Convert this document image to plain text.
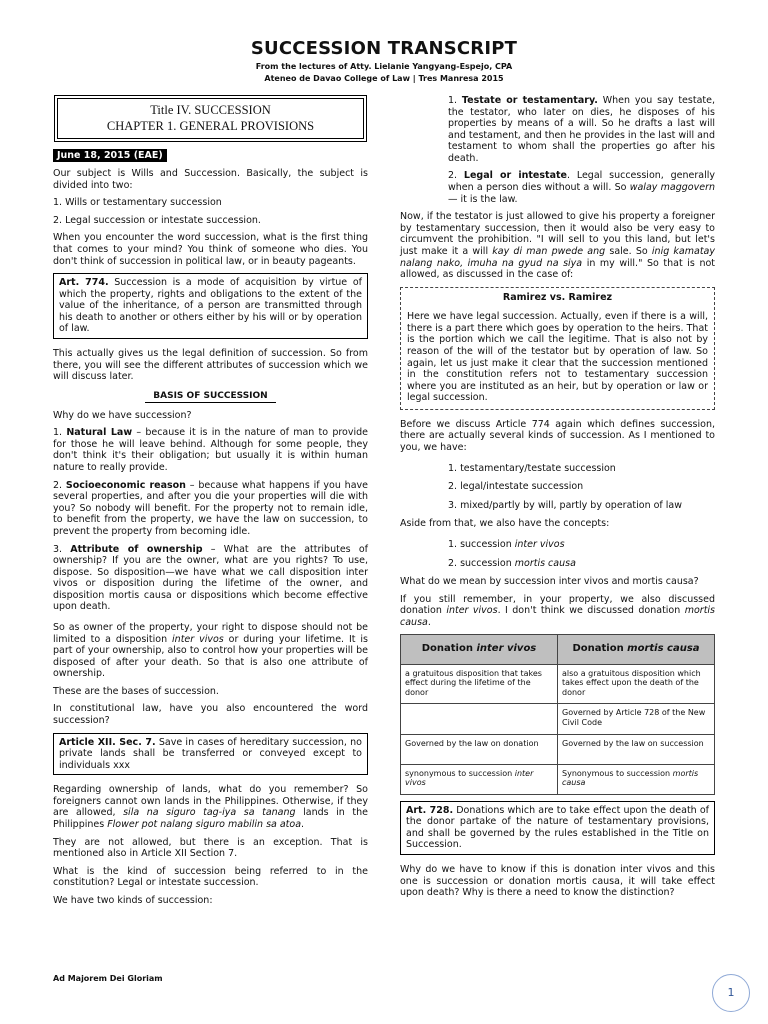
SUCCESSION TRANSCRIPT
From the lectures of Atty. Lielanie Yangyang-Espejo, CPA
Ateneo de Davao College of Law | Tres Manresa 2015
Title IV. SUCCESSION
CHAPTER 1. GENERAL PROVISIONS
June 18, 2015 (EAE)

Our subject is Wills and Succession. Basically, the subject is divided into two:

1. Wills or testamentary succession

2. Legal succession or intestate succession.

When you encounter the word succession, what is the first thing that comes to your mind? You think of someone who dies. You don't think of succession in political law, or in beauty pageants.

Art. 774. Succession is a mode of acquisition by virtue of which the property, rights and obligations to the extent of the value of the inheritance, of a person are transmitted through his death to another or others either by his will or by operation of law.

This actually gives us the legal definition of succession. So from there, you will see the different attributes of succession which we will discuss later.

BASIS OF SUCCESSION

Why do we have succession?

1. Natural Law – because it is in the nature of man to provide for those he will leave behind. Although for some people, they don't think it's their obligation; but usually it is within human nature to really provide.

2. Socioeconomic reason – because what happens if you have several properties, and after you die your properties will die with you? So nobody will benefit. For the property not to remain idle, to benefit from the property, we have the law on succession, to prevent the property from becoming idle.

3. Attribute of ownership – What are the attributes of ownership? If you are the owner, what are you rights? To use, dispose. So disposition—we have what we call disposition inter vivos or disposition during the lifetime of the owner, and disposition mortis causa or dispositions which become effective upon death.

So as owner of the property, your right to dispose should not be limited to a disposition inter vivos or during your lifetime. It is part of your ownership, also to control how your properties will be disposed of after your death. So that is also one attribute of ownership.

These are the bases of succession.

In constitutional law, have you also encountered the word succession?

Article XII. Sec. 7. Save in cases of hereditary succession, no private lands shall be transferred or conveyed except to individuals xxx

Regarding ownership of lands, what do you remember? So foreigners cannot own lands in the Philippines. Otherwise, if they are allowed, sila na siguro tag-iya sa tanang lands in the Philippines Flower pot nalang siguro mabilin sa atoa.

They are not allowed, but there is an exception. That is mentioned also in Article XII Section 7.

What is the kind of succession being referred to in the constitution? Legal or intestate succession.

We have two kinds of succession:

1. Testate or testamentary. When you say testate, the testator, who later on dies, he disposes of his properties by means of a will. So he drafts a last will and testament, and then he provides in the last will and testament to whom shall the properties go after his death.

2. Legal or intestate. Legal succession, generally when a person dies without a will. So walay maggovern — it is the law.

Now, if the testator is just allowed to give his property a foreigner by testamentary succession, then it would also be very easy to circumvent the prohibition. "I will sell to you this land, but let's just make it a will kay di man pwede ang sale. So inig kamatay nalang nako, imuha na gyud na siya in my will." So that is not allowed, as discussed in the case of:

Ramirez vs. Ramirez

Here we have legal succession. Actually, even if there is a will, there is a part there which goes by operation to the heirs. That is the portion which we call the legitime. That is also not by reason of the will of the testator but by operation of law. So again, let us just make it clear that the succession mentioned in the constitution refers not to testamentary succession where you are instituted as an heir, but by operation or law or legal succession.

Before we discuss Article 774 again which defines succession, there are actually several kinds of succession. As I mentioned to you, we have:

1. testamentary/testate succession

2. legal/intestate succession

3. mixed/partly by will, partly by operation of law

Aside from that, we also have the concepts:

1. succession inter vivos

2. succession mortis causa

What do we mean by succession inter vivos and mortis causa?

If you still remember, in your property, we also discussed donation inter vivos. I don't think we discussed donation mortis causa.

Donation inter vivos	Donation mortis causa
a gratuitous disposition that takes effect during the lifetime of the donor	also a gratuitous disposition which takes effect upon the death of the donor
	Governed by Article 728 of the New Civil Code
Governed by the law on donation	Governed by the law on succession
synonymous to succession inter vivos	Synonymous to succession mortis causa

Art. 728. Donations which are to take effect upon the death of the donor partake of the nature of testamentary provisions, and shall be governed by the rules established in the Title on Succession.

Why do we have to know if this is donation inter vivos and this one is succession or donation mortis causa, it will take effect upon death? Why is there a need to know the distinction?

Ad Majorem Dei Gloriam
1
